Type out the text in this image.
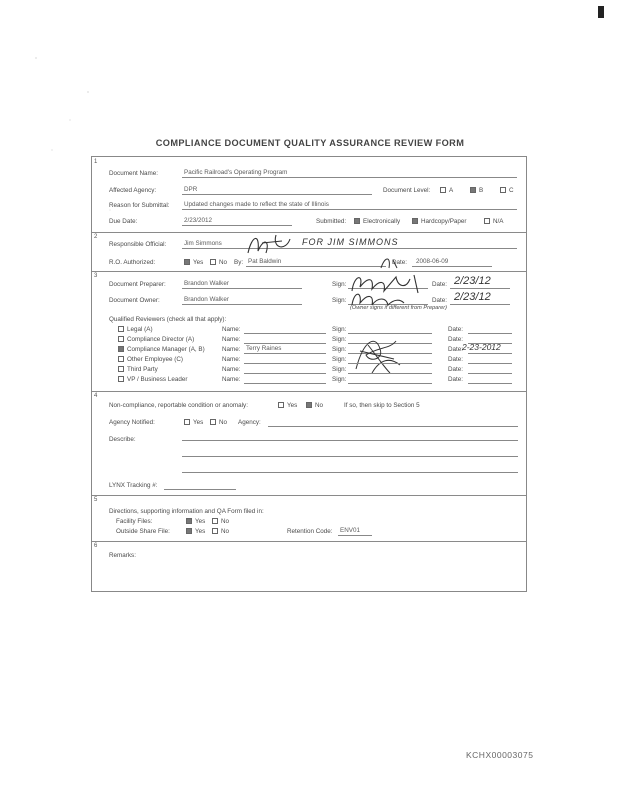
COMPLIANCE DOCUMENT QUALITY ASSURANCE REVIEW FORM
1
Document Name:	Pacific Railroad's Operating Program
Affected Agency:	DPR	Document Level:	A	B	C
Reason for Submittal: Updated changes made to reflect the state of Illinois
Due Date:	2/23/2012	Submitted:	Electronically	Hardcopy/Paper	N/A
2
Responsible Official:	Jim Simmons	FOR JIM SIMMONS
R.O. Authorized:	Yes No By: Pat Baldwin	Date: 2008-06-09
3
Document Preparer:	Brandon Walker	Sign:	Date: 2/23/12
Document Owner:	Brandon Walker	Sign:	Date: 2/23/12
(Owner signs if different from Preparer)
Qualified Reviewers (check all that apply):
Legal (A)	Name:	Sign:	Date:
Compliance Director (A)	Name:	Sign:	Date:
Compliance Manager (A, B)	Name: Terry Raines	Sign:	Date:
2-23-2012
Other Employee (C)	Name:	Sign:	Date:
Third Party	Name:	Sign:	Date:
VP / Business Leader	Name:	Sign:	Date:
4
Non-compliance, reportable condition or anomaly:	Yes	No	If so, then skip to Section 5
Agency Notified:	Yes No Agency:
Describe:
LYNX Tracking #:
5
Directions, supporting information and QA Form filed in:
Facility Files:	Yes No
Outside Share File:	Yes No	Retention Code: ENV01
6
Remarks:
KCHX00003075
